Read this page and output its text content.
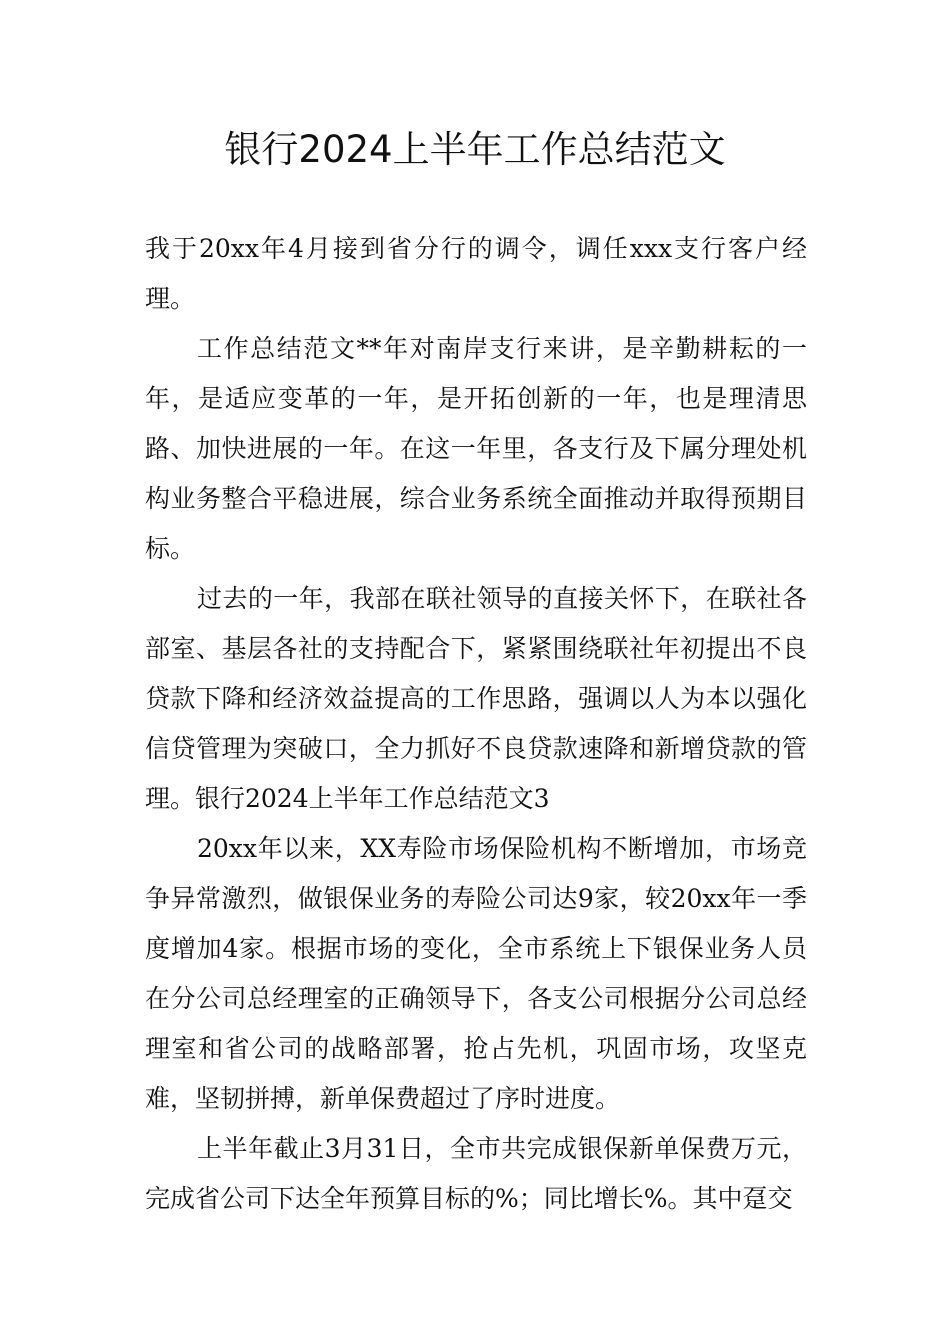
银行2024上半年工作总结范文

我于20xx年4月接到省分行的调令，调任xxx支行客户经理。

工作总结范文**年对南岸支行来讲，是辛勤耕耘的一年，是适应变革的一年，是开拓创新的一年，也是理清思路、加快进展的一年。在这一年里，各支行及下属分理处机构业务整合平稳进展，综合业务系统全面推动并取得预期目标。

过去的一年，我部在联社领导的直接关怀下，在联社各部室、基层各社的支持配合下，紧紧围绕联社年初提出不良贷款下降和经济效益提高的工作思路，强调以人为本以强化信贷管理为突破口，全力抓好不良贷款速降和新增贷款的管理。银行2024上半年工作总结范文3

20xx年以来，XX寿险市场保险机构不断增加，市场竞争异常激烈，做银保业务的寿险公司达9家，较20xx年一季度增加4家。根据市场的变化，全市系统上下银保业务人员在分公司总经理室的正确领导下，各支公司根据分公司总经理室和省公司的战略部署，抢占先机，巩固市场，攻坚克难，坚韧拼搏，新单保费超过了序时进度。

上半年截止3月31日，全市共完成银保新单保费万元，完成省公司下达全年预算目标的%；同比增长%。其中趸交
